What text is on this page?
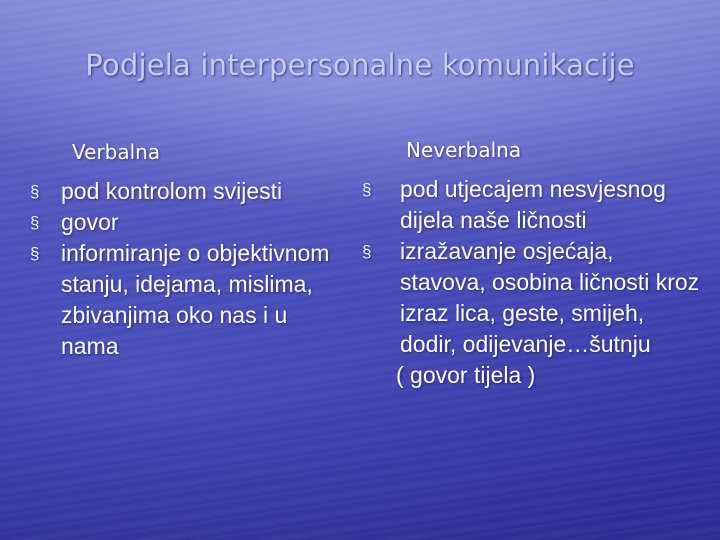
Podjela interpersonalne komunikacije
Verbalna
§ pod kontrolom svijesti
§ govor
§ informiranje o objektivnom stanju, idejama, mislima, zbivanjima oko nas i u nama
Neverbalna
§ pod utjecajem nesvjesnog dijela naše ličnosti
§ izražavanje osjećaja, stavova, osobina ličnosti kroz izraz lica, geste, smijeh, dodir, odijevanje…šutnju
( govor tijela )
